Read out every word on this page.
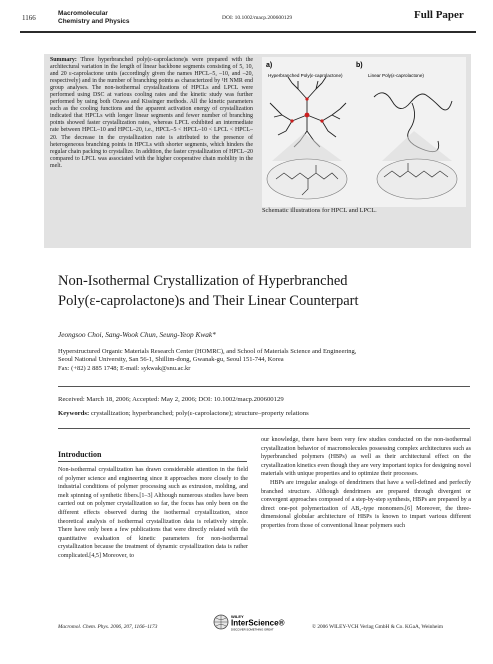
1166
Macromolecular
Chemistry and Physics	DOI: 10.1002/macp.200600129	Full Paper
Summary: Three hyperbranched poly(ε-caprolactone)s were prepared with the architectural variation in the length of linear backbone segments consisting of 5, 10, and 20 ε-caprolactone units (accordingly given the names HPCL–5, –10, and –20, respectively) and in the number of branching points as characterized by ¹H NMR end group analyses. The non-isothermal crystallizations of HPCLs and LPCL were performed using DSC at various cooling rates and the kinetic study was further performed by using both Ozawa and Kissinger methods. All the kinetic parameters such as the cooling functions and the apparent activation energy of crystallization indicated that HPCLs with longer linear segments and fewer number of branching points showed faster crystallization rates, whereas LPCL exhibited an intermediate rate between HPCL–10 and HPCL–20, i.e., HPCL–5 < HPCL–10 < LPCL < HPCL–20. The decrease in the crystallization rate is attributed to the presence of heterogeneous branching points in HPCLs with shorter segments, which hinders the regular chain packing to crystallize. In addition, the faster crystallization of HPCL–20 compared to LPCL was associated with the higher cooperative chain mobility in the melt.
a)	b)
Hyperbranched Poly(ε-caprolactone)	Linear Poly(ε-caprolactone)
Schematic illustrations for HPCL and LPCL.
Non-Isothermal Crystallization of Hyperbranched
Poly(ε-caprolactone)s and Their Linear Counterpart
Jeongsoo Choi, Sang-Wook Chun, Seung-Yeop Kwak*
Hyperstructured Organic Materials Research Center (HOMRC), and School of Materials Science and Engineering,
Seoul National University, San 56-1, Shillim-dong, Gwanak-gu, Seoul 151-744, Korea
Fax: (+82) 2 885 1748; E-mail: sykwak@snu.ac.kr
Received: March 18, 2006; Accepted: May 2, 2006; DOI: 10.1002/macp.200600129
Keywords: crystallization; hyperbranched; poly(ε-caprolactone); structure–property relations
Introduction

Non-isothermal crystallization has drawn considerable attention in the field of polymer science and engineering since it approaches more closely to the industrial conditions of polymer processing such as extrusion, molding, and melt spinning of synthetic fibers.[1–3] Although numerous studies have been carried out on polymer crystallization so far, the focus has only been on the different effects observed during the isothermal crystallization, since theoretical analysis of isothermal crystallization data is relatively simple. There have only been a few publications that were directly related with the quantitative evaluation of kinetic parameters for non-isothermal crystallization because the treatment of dynamic crystallization data is rather complicated.[4,5] Moreover, to

our knowledge, there have been very few studies conducted on the non-isothermal crystallization behavior of macromolecules possessing complex architectures such as hyperbranched polymers (HBPs) as well as their architectural effect on the crystallization kinetics even though they are very important topics for designing novel materials with unique properties and to optimize their processes.

HBPs are irregular analogs of dendrimers that have a well-defined and perfectly branched structure. Although dendrimers are prepared through divergent or convergent approaches composed of a step-by-step synthesis, HBPs are prepared by a direct one-pot polymerization of AB₂-type monomers.[6] Moreover, the three-dimensional globular architecture of HBPs is known to impart various different properties from those of conventional linear polymers such

Macromol. Chem. Phys. 2006, 207, 1166–1173
WILEY
InterScience®
DISCOVER SOMETHING GREAT	© 2006 WILEY-VCH Verlag GmbH & Co. KGaA, Weinheim
